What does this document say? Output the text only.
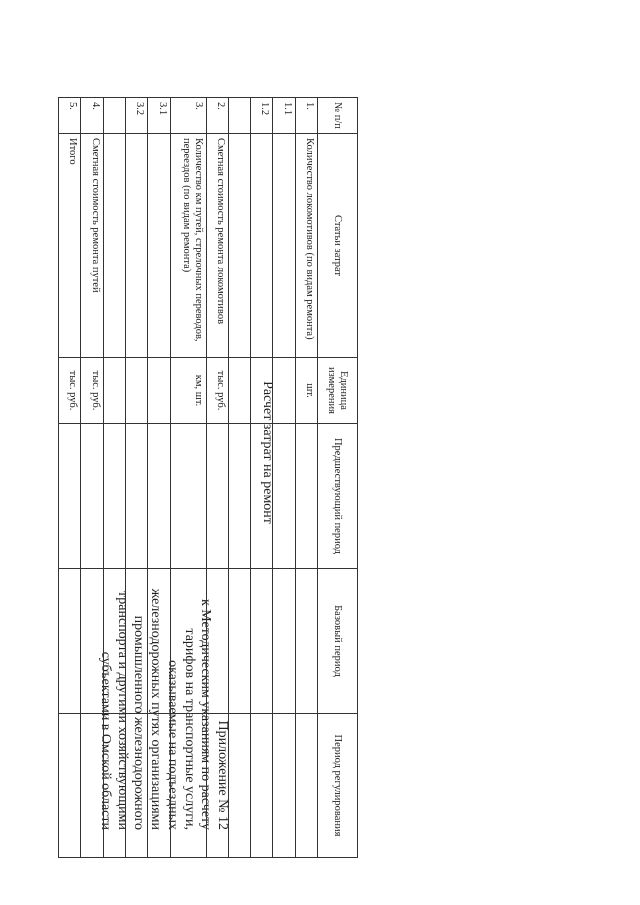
Приложение № 12
к Методическим указаниям по расчету
тарифов на транспортные услуги,
оказываемые на подъездных
железнодорожных путях организациями
промышленного железнодорожного
транспорта и другими хозяйствующими
субъектами в Омской области
Расчет затрат на ремонт
№ п/п	Статьи затрат	Единица измерения	Предшествующий период	Базовый период	Период регулирования
1.	Количество локомотивов (по видам ремонта)	шт.			
1.1					
1.2					

2.	Сметная стоимость ремонта локомотивов	тыс. руб.			
3.	Количество км путей, стрелочных переводов, переездов (по видам ремонта)	км, шт.			
3.1					
3.2					

4.	Сметная стоимость ремонта путей	тыс. руб.			
5.	Итого	тыс. руб.			
